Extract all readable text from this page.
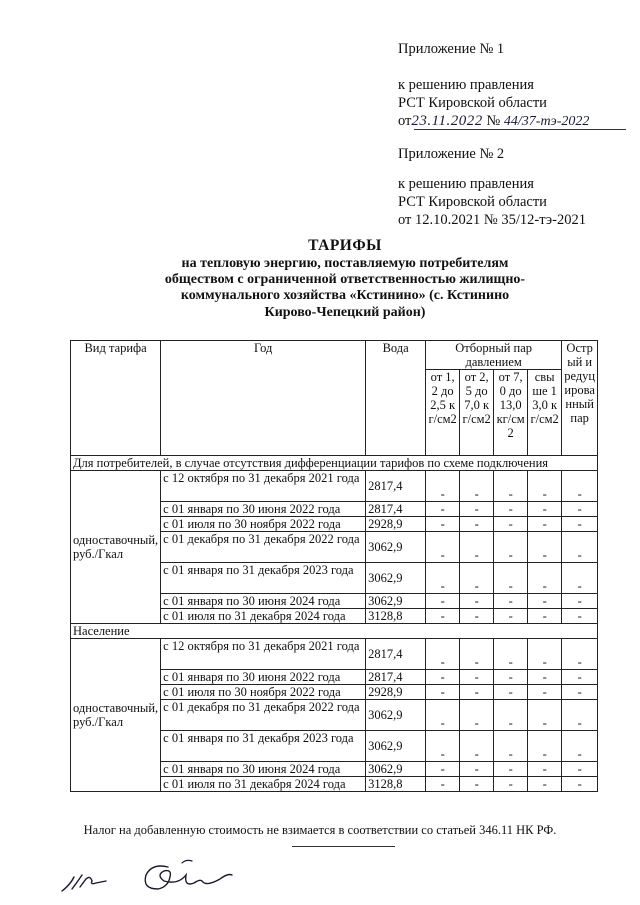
Приложение № 1
к решению правления
РСТ Кировской области
от23.11.2022 № 44/37-тэ-2022
Приложение № 2
к решению правления
РСТ Кировской области
от 12.10.2021 № 35/12-тэ-2021
ТАРИФЫ
на тепловую энергию, поставляемую потребителям
обществом с ограниченной ответственностью жилищно-
коммунального хозяйства «Кстинино» (с. Кстинино
Кирово-Чепецкий район)
Вид тарифа	Год	Вода	Отборный пар давлением				Острый и редуцированный пар
			от 1,2 до 2,5 кг/см2	от 2,5 до 7,0 кг/см2	от 7,0 до 13,0 кг/см2	свыше 13,0 кг/см2	
Для потребителей, в случае отсутствия дифференциации тарифов по схеме подключения							
одноставочный, руб./Гкал	с 12 октября по 31 декабря 2021 года	2817,4	-	-	-	-	-
	с 01 января по 30 июня 2022 года	2817,4	-	-	-	-	-
	с 01 июля по 30 ноября 2022 года	2928,9	-	-	-	-	-
	с 01 декабря по 31 декабря 2022 года	3062,9	-	-	-	-	-
	с 01 января по 31 декабря 2023 года	3062,9	-	-	-	-	-
	с 01 января по 30 июня 2024 года	3062,9	-	-	-	-	-
	с 01 июля по 31 декабря 2024 года	3128,8	-	-	-	-	-
Население							
одноставочный, руб./Гкал	с 12 октября по 31 декабря 2021 года	2817,4	-	-	-	-	-
	с 01 января по 30 июня 2022 года	2817,4	-	-	-	-	-
	с 01 июля по 30 ноября 2022 года	2928,9	-	-	-	-	-
	с 01 декабря по 31 декабря 2022 года	3062,9	-	-	-	-	-
	с 01 января по 31 декабря 2023 года	3062,9	-	-	-	-	-
	с 01 января по 30 июня 2024 года	3062,9	-	-	-	-	-
	с 01 июля по 31 декабря 2024 года	3128,8	-	-	-	-	-
Налог на добавленную стоимость не взимается в соответствии со статьей 346.11 НК РФ.
